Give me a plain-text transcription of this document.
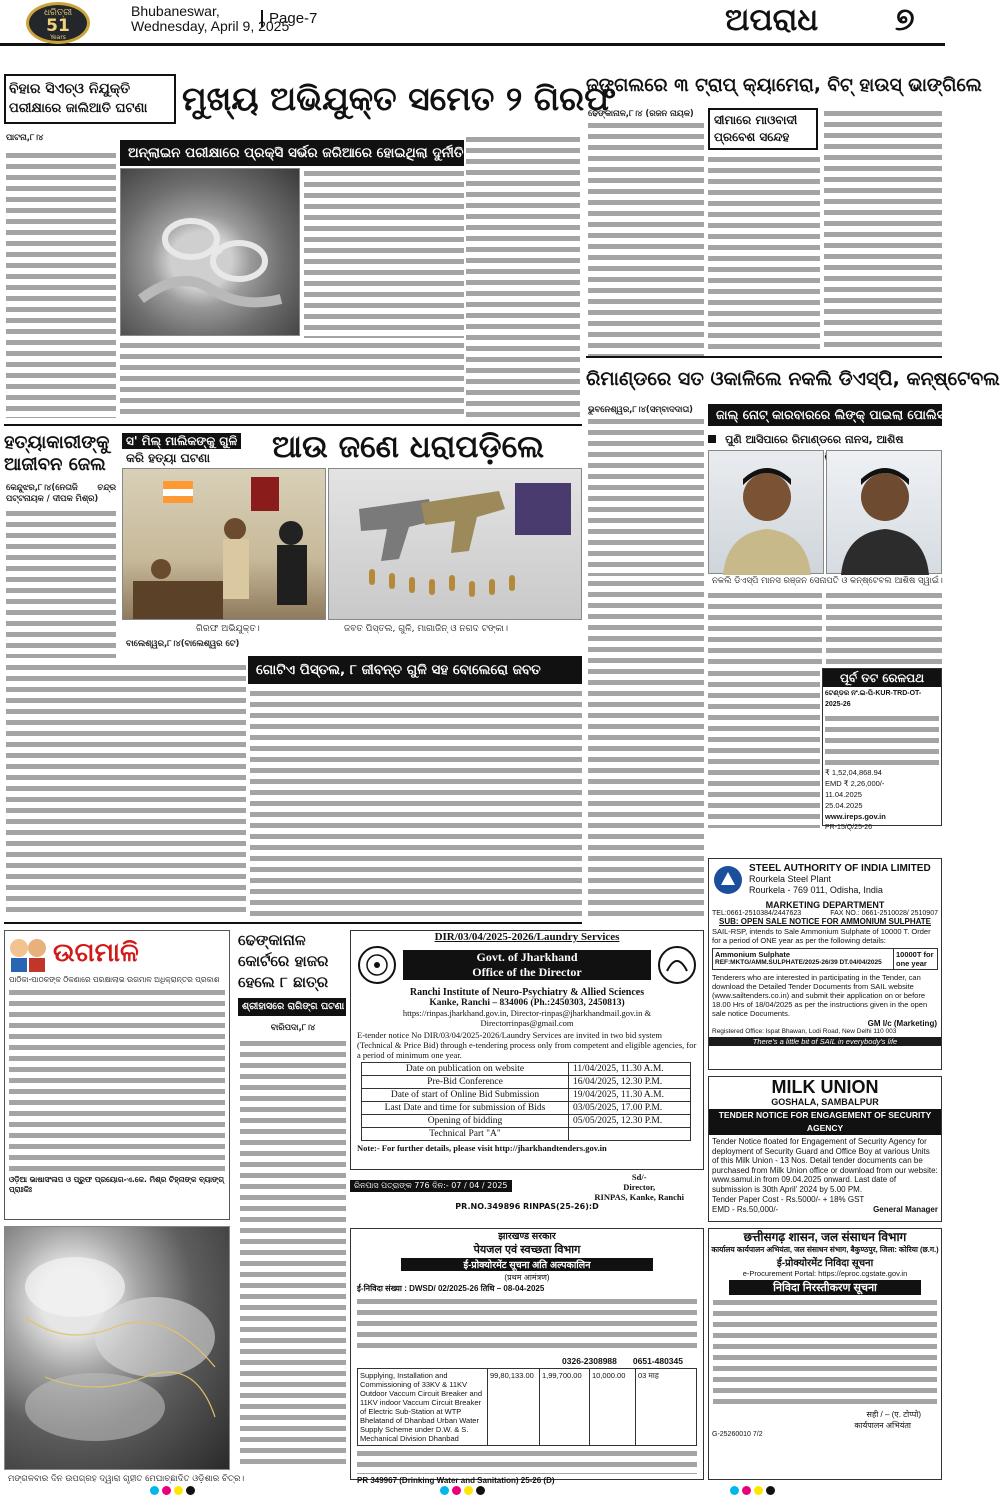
ଧରିତ୍ରୀ
51
Years
Bhubaneswar,
Wednesday, April 9, 2025
Page-7	ଅପରାଧ ୭
ବିହାର ସିଏଚ୍ଓ ନିଯୁକ୍ତି
ପରୀକ୍ଷାରେ ଜାଲିଆତି ଘଟଣା	ମୁଖ୍ୟ ଅଭିଯୁକ୍ତ ସମେତ ୨ ଗିରଫ
ପାଟନା,୮।୪
ଅନ୍‌ଲାଇନ ପରୀକ୍ଷାରେ ପ୍ରକ୍ସି ସର୍ଭର ଜରିଆରେ ହୋଇଥିଲା ଦୁର୍ନୀତି
ଜଙ୍ଗଲରେ ୩ ଟ୍ରାପ୍ କ୍ୟାମେରା, ବିଟ୍ ହାଉସ୍ ଭାଙ୍ଗିଲେ
ଢେଙ୍କାନାଳ,୮।୪ (ରଜନ ନାୟକ)	ସୀମାରେ ମାଓବାଦୀ ପ୍ରବେଶ ସନ୍ଦେହ
ହତ୍ୟାକାରୀଙ୍କୁ ଆଜୀବନ ଜେଲ
କେନ୍ଦୁଝର,୮।୪(ନେତାଜି ଚନ୍ଦ୍ର ପଟ୍ଟନାୟକ / ଦୀପକ ମିଶ୍ର)
ସ' ମିଲ୍ ମାଲିକଙ୍କୁ ଗୁଳି
କରି ହତ୍ୟା ଘଟଣା	ଆଉ ଜଣେ ଧରାପଡ଼ିଲେ
ଗିରଫ ଅଭିଯୁକ୍ତ।	ଜବତ ପିସ୍ତଲ, ଗୁଳି, ମାଗାଜିନ୍ ଓ ନଗଦ ଟଙ୍କା।
ବାଲେଶ୍ୱର,୮।୪(ବାଲେଶ୍ୱର ଟେ)
ଗୋଟିଏ ପିସ୍ତଲ, ୮ ଜୀବନ୍ତ ଗୁଳି ସହ ବୋଲେରୋ ଜବତ
ରିମାଣ୍ଡରେ ସତ ଓକାଳିଲେ ନକଲି ଡିଏସ୍‌ପି, କନ୍‌ଷ୍ଟେବଲ
ଭୁବନେଶ୍ୱର,୮।୪(ସମ୍ବାଦଦାତା)	ଜାଲ୍ ନୋଟ୍ କାରବାରରେ ଲିଙ୍କ୍ ପାଇଲା ପୋଲିସ
ପୁଣି ଆସିପାରେ ରିମାଣ୍ଡରେ ନାନସ, ଆଶିଷ
ନକଲି ଡିଏସ୍‌ପି ମାନସ ରଞ୍ଜନ ସେନାପତି ଓ କନ୍‌ଷ୍ଟେବଲ ଆଶିଷ ସ୍ୱାଇଁ।
ପୂର୍ବ ତଟ ରେଳପଥ
ଟେଣ୍ଡର ନଂ.ଇ-ପି-KUR-TRD-OT-2025-26
₹ 1,52,04,868.94
EMD ₹ 2,26,000/-
11.04.2025
25.04.2025
www.ireps.gov.in
PR-15/Q/25-26
STEEL AUTHORITY OF INDIA LIMITED
Rourkela Steel Plant
Rourkela - 769 011, Odisha, India
MARKETING DEPARTMENT
TEL:0661-2510384/2447623	FAX NO.: 0661-2510028/ 2510907
SUB: OPEN SALE NOTICE FOR AMMONIUM SULPHATE
SAIL-RSP, intends to Sale Ammonium Sulphate of 10000 T. Order for a period of ONE year as per the following details:
Ammonium Sulphate
REF:MKTG/AMM.SULPHATE/2025-26/39 DT.04/04/2025
10000T for one year
Tenderers who are interested in participating in the Tender, can download the Detailed Tender Documents from SAIL website (www.sailtenders.co.in) and submit their application on or before 18.00 Hrs of 18/04/2025 as per the instructions given in the open sale notice Documents.
GM I/c (Marketing)
Registered Office: Ispat Bhawan, Lodi Road, New Delhi 110 003
There's a little bit of SAIL in everybody's life
MILK UNION
GOSHALA, SAMBALPUR
TENDER NOTICE FOR ENGAGEMENT OF SECURITY AGENCY
Tender Notice floated for Engagement of Security Agency for deployment of Security Guard and Office Boy at various Units of this Milk Union - 13 Nos. Detail tender documents can be purchased from Milk Union office or download from our website: www.samul.in from 09.04.2025 onward. Last date of submission is 30th April' 2024 by 5.00 PM.
Tender Paper Cost - Rs.5000/- + 18% GST
EMD - Rs.50,000/-	General Manager
छत्तीसगढ़ शासन, जल संसाधन विभाग
कार्यालय कार्यपालन अभियंता, जल संसाधन संभाग, बैकुण्ठपुर, जिला: कोरिया (छ.ग.)
ई-प्रोक्योरमेंट निविदा सूचना
e-Procurement Portal: https://eproc.cgstate.gov.in
निविदा निरस्तीकरण सूचना
सही / – (ए. टोप्पो)
कार्यपालन अभियंता
G-25260010 7/2
ଉଗମାଳି
ପାଠିକା-ପାଠକଙ୍କ ଠିକଣାରେ ପରକ୍ଷାଲାଭ ଉଗମାଳ ଅଧିକ୍ରାନ୍ତର ପ୍ରକାଶ
ଓଡ଼ିଆ ଭାଷାସଂଳାପ ଓ ପ୍ରୁଫ ପ୍ରୟୋଗ-ଏ.କେ. ମିଶ୍ର ଚିହ୍ନାଙ୍କ ବ୍ୟାଙ୍ଗ୍ ପ୍ରାଃକିଃ
ମଙ୍ଗଳବାର ଦିନ ଉପଗ୍ରହ ଦ୍ୱାରା ଗୃହୀତ ମେଘାଚ୍ଛାଦିତ ଓଡ଼ିଶାର ଚିତ୍ର।
ଢେଙ୍କାନାଳ କୋର୍ଟରେ ହାଜର ହେଲେ ୮ ଛାତ୍ର
ଶ୍ରୀହାସରେ ରାଗିଙ୍ଗ ଘଟଣା
ବାରିପଦା,୮।୪
DIR/03/04/2025-2026/Laundry Services
Govt. of Jharkhand
Office of the Director
Ranchi Institute of Neuro-Psychiatry & Allied Sciences
Kanke, Ranchi – 834006 (Ph.:2450303, 2450813)
https://rinpas.jharkhand.gov.in, Director-rinpas@jharkhandmail.gov.in & Directorrinpas@gmail.com
E-tender notice No DIR/03/04/2025-2026/Laundry Services are invited in two bid system (Technical & Price Bid) through e-tendering process only from competent and eligible agencies, for a period of minimum one year.
Date on publication on website	11/04/2025, 11.30 A.M.
Pre-Bid Conference	16/04/2025, 12.30 P.M.
Date of start of Online Bid Submission	19/04/2025, 11.30 A.M.
Last Date and time for submission of Bids	03/05/2025, 17.00 P.M.
Opening of bidding	05/05/2025, 12.30 P.M.
Technical Part "A"	
Note:- For further details, please visit http://jharkhandtenders.gov.in
ରିନପାସ ପତ୍ରାଙ୍କ 776 ଦିନ:- 07 / 04 / 2025
Sd/-
Director,
RINPAS, Kanke, Ranchi
PR.NO.349896 RINPAS(25-26):D
झारखण्ड सरकार
पेयजल एवं स्वच्छता विभाग
ई-प्रोक्योरमेंट सूचना अति अल्पकालिन
(प्रथम आमंत्रण)
ई-निविदा संख्या : DWSD/ 02/2025-26 तिथि – 08-04-2025
0326-2308988 0651-480345
Supplying, Installation and Commissioning of 33KV & 11KV Outdoor Vaccum Circuit Breaker and 11KV indoor Vaccum Circuit Breaker of Electric Sub-Station at WTP Bhelatand of Dhanbad Urban Water Supply Scheme under D.W. & S. Mechanical Division Dhanbad
99,80,133.00	1,99,700.00	10,000.00	03 माह
PR 349967 (Drinking Water and Sanitation) 25-26 (D)
